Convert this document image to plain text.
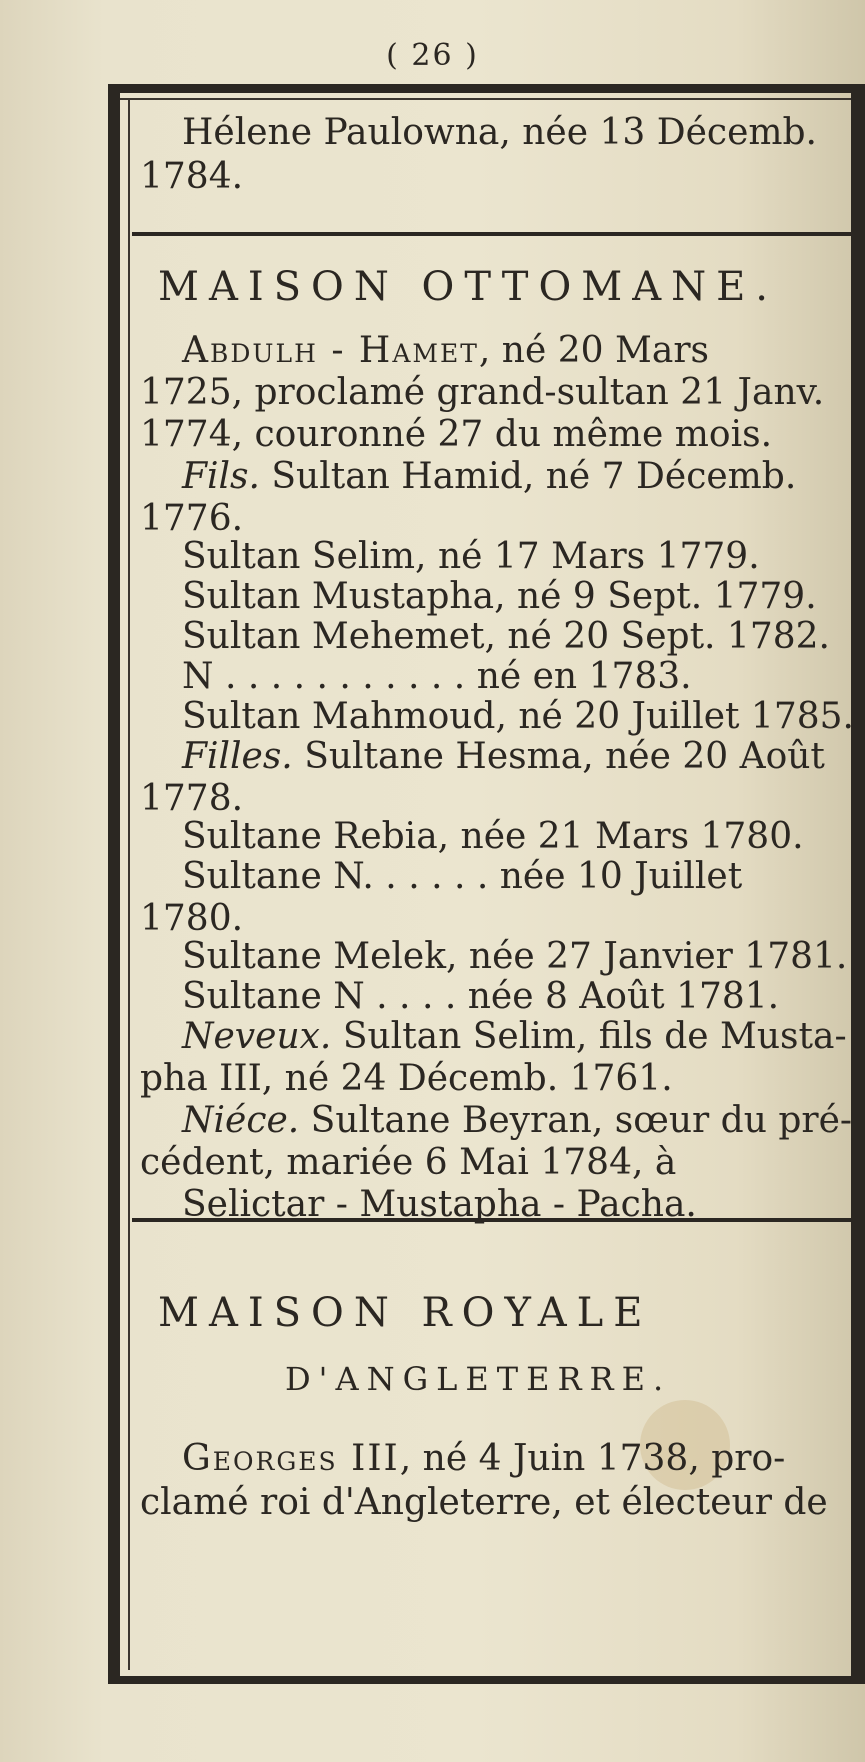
( 26 )
Hélene Paulowna, née 13 Décemb.
1784.
MAISON OTTOMANE.
Abdulh - Hamet, né 20 Mars
1725, proclamé grand-sultan 21 Janv.
1774, couronné 27 du même mois.
Fils. Sultan Hamid, né 7 Décemb.
1776.
Sultan Selim, né 17 Mars 1779.
Sultan Mustapha, né 9 Sept. 1779.
Sultan Mehemet, né 20 Sept. 1782.
N . . . . . . . . . . . né en 1783.
Sultan Mahmoud, né 20 Juillet 1785.
Filles. Sultane Hesma, née 20 Août
1778.
Sultane Rebia, née 21 Mars 1780.
Sultane N. . . . . . née 10 Juillet
1780.
Sultane Melek, née 27 Janvier 1781.
Sultane N . . . . née 8 Août 1781.
Neveux. Sultan Selim, fils de Musta-
pha III, né 24 Décemb. 1761.
Niéce. Sultane Beyran, sœur du pré-
cédent, mariée 6 Mai 1784, à
Selictar - Mustapha - Pacha.
MAISON ROYALE
D'ANGLETERRE.
Georges III, né 4 Juin 1738, pro-
clamé roi d'Angleterre, et électeur de
